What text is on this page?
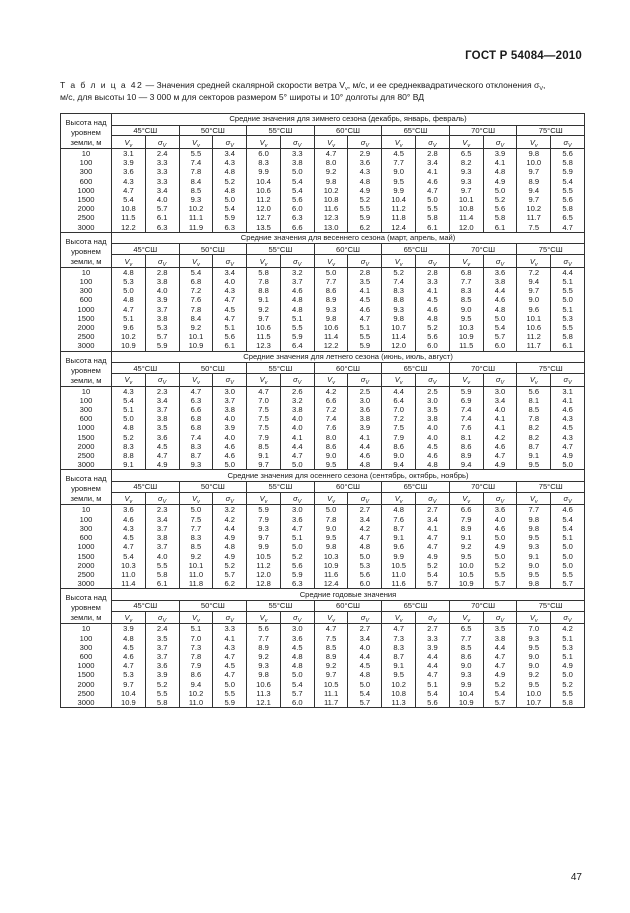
ГОСТ Р 54084—2010
Т а б л и ц а 42 — Значения средней скалярной скорости ветра $V_v$, м/с, и ее среднеквадратического отклонения $\sigma_V$,
м/с, для высоты 10 — 3 000 м для секторов размером 5° широты и 10° долготы для 80° ВД
Высота над уровнем земли, м	Средние значения для зимнего сезона (декабрь, январь, февраль)													
	45°СШ		50°СШ		55°СШ		60°СШ		65°СШ		70°СШ		75°СШ	
	$V_v$	$\sigma_V$	$V_v$	$\sigma_V$	$V_v$	$\sigma_V$	$V_v$	$\sigma_V$	$V_v$	$\sigma_V$	$V_v$	$\sigma_V$	$V_v$	$\sigma_V$
10	3.1	2.4	5.5	3.4	6.0	3.3	4.7	2.9	4.5	2.8	6.5	3.9	9.8	5.6
100	3.9	3.3	7.4	4.3	8.3	3.8	8.0	3.6	7.7	3.4	8.2	4.1	10.0	5.8
300	3.6	3.3	7.8	4.8	9.9	5.0	9.2	4.3	9.0	4.1	9.3	4.8	9.7	5.9
600	4.3	3.3	8.4	5.2	10.4	5.4	9.8	4.8	9.5	4.6	9.3	4.9	8.9	5.4
1000	4.7	3.4	8.5	4.8	10.6	5.4	10.2	4.9	9.9	4.7	9.7	5.0	9.4	5.5
1500	5.4	4.0	9.3	5.0	11.2	5.6	10.8	5.2	10.4	5.0	10.1	5.2	9.7	5.6
2000	10.8	5.7	10.2	5.4	12.0	6.0	11.6	5.5	11.2	5.5	10.8	5.6	10.2	5.8
2500	11.5	6.1	11.1	5.9	12.7	6.3	12.3	5.9	11.8	5.8	11.4	5.8	11.7	6.5
3000	12.2	6.3	11.9	6.3	13.5	6.6	13.0	6.2	12.4	6.1	12.0	6.1	7.5	4.7
Высота над уровнем земли, м	Средние значения для весеннего сезона (март, апрель, май)													
	45°СШ		50°СШ		55°СШ		60°СШ		65°СШ		70°СШ		75°СШ	
	$V_v$	$\sigma_V$	$V_v$	$\sigma_V$	$V_v$	$\sigma_V$	$V_v$	$\sigma_V$	$V_v$	$\sigma_V$	$V_v$	$\sigma_V$	$V_v$	$\sigma_V$
10	4.8	2.8	5.4	3.4	5.8	3.2	5.0	2.8	5.2	2.8	6.8	3.6	7.2	4.4
100	5.3	3.8	6.8	4.0	7.8	3.7	7.7	3.5	7.4	3.3	7.7	3.8	9.4	5.1
300	5.0	4.0	7.2	4.3	8.8	4.6	8.6	4.1	8.3	4.1	8.3	4.4	9.7	5.5
600	4.8	3.9	7.6	4.7	9.1	4.8	8.9	4.5	8.8	4.5	8.5	4.6	9.0	5.0
1000	4.7	3.7	7.8	4.5	9.2	4.8	9.3	4.6	9.3	4.6	9.0	4.8	9.6	5.1
1500	5.1	3.8	8.4	4.7	9.7	5.1	9.8	4.7	9.8	4.8	9.5	5.0	10.1	5.3
2000	9.6	5.3	9.2	5.1	10.6	5.5	10.6	5.1	10.7	5.2	10.3	5.4	10.6	5.5
2500	10.2	5.7	10.1	5.6	11.5	5.9	11.4	5.5	11.4	5.6	10.9	5.7	11.2	5.8
3000	10.9	5.9	10.9	6.1	12.3	6.4	12.2	5.9	12.0	6.0	11.5	6.0	11.7	6.1
Высота над уровнем земли, м	Средние значения для летнего сезона (июнь, июль, август)													
	45°СШ		50°СШ		55°СШ		60°СШ		65°СШ		70°СШ		75°СШ	
	$V_v$	$\sigma_V$	$V_v$	$\sigma_V$	$V_v$	$\sigma_V$	$V_v$	$\sigma_V$	$V_v$	$\sigma_V$	$V_v$	$\sigma_V$	$V_v$	$\sigma_V$
10	4.3	2.3	4.7	3.0	4.7	2.6	4.2	2.5	4.4	2.5	5.9	3.0	5.6	3.1
100	5.4	3.4	6.3	3.7	7.0	3.2	6.6	3.0	6.4	3.0	6.9	3.4	8.1	4.1
300	5.1	3.7	6.6	3.8	7.5	3.8	7.2	3.6	7.0	3.5	7.4	4.0	8.5	4.6
600	5.0	3.8	6.8	4.0	7.5	4.0	7.4	3.8	7.2	3.8	7.4	4.1	7.8	4.3
1000	4.8	3.5	6.8	3.9	7.5	4.0	7.6	3.9	7.5	4.0	7.6	4.1	8.2	4.5
1500	5.2	3.6	7.4	4.0	7.9	4.1	8.0	4.1	7.9	4.0	8.1	4.2	8.2	4.3
2000	8.3	4.5	8.3	4.6	8.5	4.4	8.6	4.4	8.6	4.5	8.6	4.6	8.7	4.7
2500	8.8	4.7	8.7	4.6	9.1	4.7	9.0	4.6	9.0	4.6	8.9	4.7	9.1	4.9
3000	9.1	4.9	9.3	5.0	9.7	5.0	9.5	4.8	9.4	4.8	9.4	4.9	9.5	5.0
Высота над уровнем земли, м	Средние значения для осеннего сезона (сентябрь, октябрь, ноябрь)													
	45°СШ		50°СШ		55°СШ		60°СШ		65°СШ		70°СШ		75°СШ	
	$V_v$	$\sigma_V$	$V_v$	$\sigma_V$	$V_v$	$\sigma_V$	$V_v$	$\sigma_V$	$V_v$	$\sigma_V$	$V_v$	$\sigma_V$	$V_v$	$\sigma_V$
10	3.6	2.3	5.0	3.2	5.9	3.0	5.0	2.7	4.8	2.7	6.6	3.6	7.7	4.6
100	4.6	3.4	7.5	4.2	7.9	3.6	7.8	3.4	7.6	3.4	7.9	4.0	9.8	5.4
300	4.3	3.7	7.7	4.4	9.3	4.7	9.0	4.2	8.7	4.1	8.9	4.6	9.8	5.4
600	4.5	3.8	8.3	4.9	9.7	5.1	9.5	4.7	9.1	4.7	9.1	5.0	9.5	5.1
1000	4.7	3.7	8.5	4.8	9.9	5.0	9.8	4.8	9.6	4.7	9.2	4.9	9.3	5.0
1500	5.4	4.0	9.2	4.9	10.5	5.2	10.3	5.0	9.9	4.9	9.5	5.0	9.1	5.0
2000	10.3	5.5	10.1	5.2	11.2	5.6	10.9	5.3	10.5	5.2	10.0	5.2	9.0	5.0
2500	11.0	5.8	11.0	5.7	12.0	5.9	11.6	5.6	11.0	5.4	10.5	5.5	9.5	5.5
3000	11.4	6.1	11.8	6.2	12.8	6.3	12.4	6.0	11.6	5.7	10.9	5.7	9.8	5.7
Высота над уровнем земли, м	Средние годовые значения													
	45°СШ		50°СШ		55°СШ		60°СШ		65°СШ		70°СШ		75°СШ	
	$V_v$	$\sigma_V$	$V_v$	$\sigma_V$	$V_v$	$\sigma_V$	$V_v$	$\sigma_V$	$V_v$	$\sigma_V$	$V_v$	$\sigma_V$	$V_v$	$\sigma_V$
10	3.9	2.4	5.1	3.3	5.6	3.0	4.7	2.7	4.7	2.7	6.5	3.5	7.0	4.2
100	4.8	3.5	7.0	4.1	7.7	3.6	7.5	3.4	7.3	3.3	7.7	3.8	9.3	5.1
300	4.5	3.7	7.3	4.3	8.9	4.5	8.5	4.0	8.3	3.9	8.5	4.4	9.5	5.3
600	4.6	3.7	7.8	4.7	9.2	4.8	8.9	4.4	8.7	4.4	8.6	4.7	9.0	5.1
1000	4.7	3.6	7.9	4.5	9.3	4.8	9.2	4.5	9.1	4.4	9.0	4.7	9.0	4.9
1500	5.3	3.9	8.6	4.7	9.8	5.0	9.7	4.8	9.5	4.7	9.3	4.9	9.2	5.0
2000	9.7	5.2	9.4	5.0	10.6	5.4	10.5	5.0	10.2	5.1	9.9	5.2	9.5	5.2
2500	10.4	5.5	10.2	5.5	11.3	5.7	11.1	5.4	10.8	5.4	10.4	5.4	10.0	5.5
3000	10.9	5.8	11.0	5.9	12.1	6.0	11.7	5.7	11.3	5.6	10.9	5.7	10.7	5.8
47
